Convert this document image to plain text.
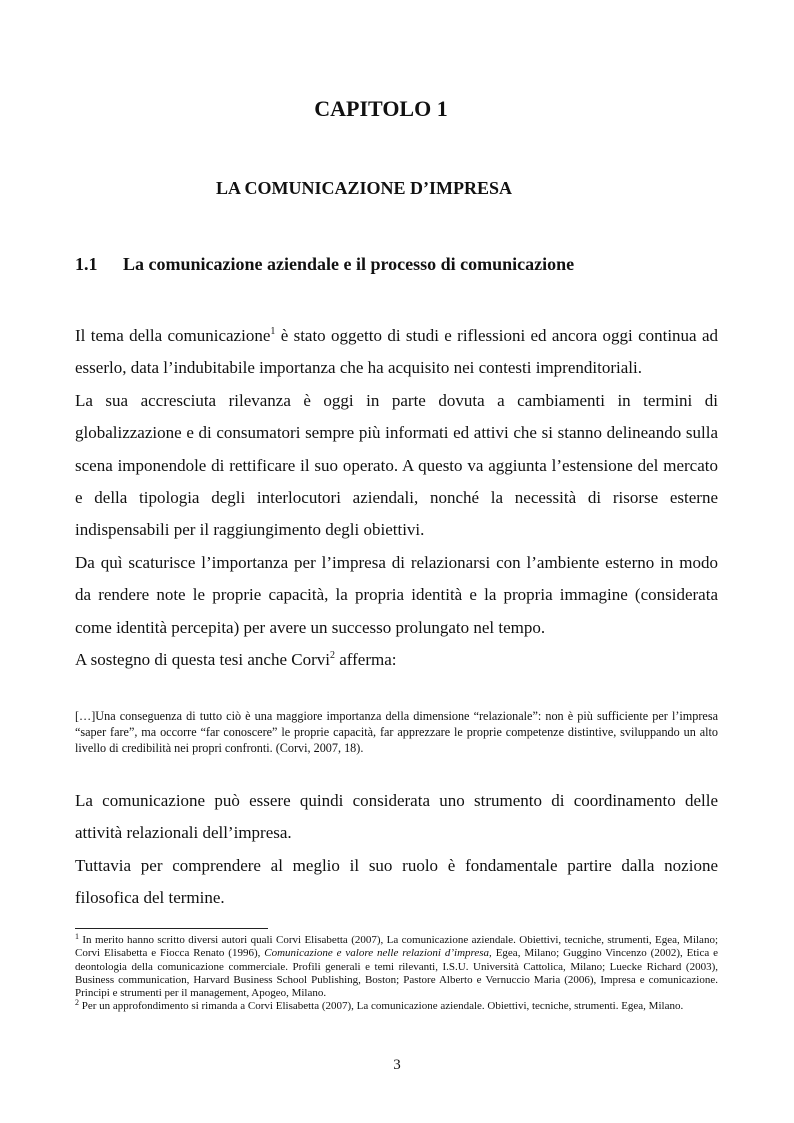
CAPITOLO 1
LA COMUNICAZIONE D’IMPRESA
1.1 La comunicazione aziendale e il processo di comunicazione

Il tema della comunicazione$^1$ è stato oggetto di studi e riflessioni ed ancora oggi continua ad esserlo, data l’indubitabile importanza che ha acquisito nei contesti imprenditoriali.

La sua accresciuta rilevanza è oggi in parte dovuta a cambiamenti in termini di globalizzazione e di consumatori sempre più informati ed attivi che si stanno delineando sulla scena imponendole di rettificare il suo operato. A questo va aggiunta l’estensione del mercato e della tipologia degli interlocutori aziendali, nonché la necessità di risorse esterne indispensabili per il raggiungimento degli obiettivi.

Da quì scaturisce l’importanza per l’impresa di relazionarsi con l’ambiente esterno in modo da rendere note le proprie capacità, la propria identità e la propria immagine (considerata come identità percepita) per avere un successo prolungato nel tempo.

A sostegno di questa tesi anche Corvi$^2$ afferma:

[…]Una conseguenza di tutto ciò è una maggiore importanza della dimensione “relazionale”: non è più sufficiente per l’impresa “saper fare”, ma occorre “far conoscere” le proprie capacità, far apprezzare le proprie competenze distintive, sviluppando un alto livello di credibilità nei propri confronti. (Corvi, 2007, 18).

La comunicazione può essere quindi considerata uno strumento di coordinamento delle attività relazionali dell’impresa.

Tuttavia per comprendere al meglio il suo ruolo è fondamentale partire dalla nozione filosofica del termine.

$^1$ In merito hanno scritto diversi autori quali Corvi Elisabetta (2007), La comunicazione aziendale. Obiettivi, tecniche, strumenti, Egea, Milano; Corvi Elisabetta e Fiocca Renato (1996), Comunicazione e valore nelle relazioni d’impresa, Egea, Milano; Guggino Vincenzo (2002), Etica e deontologia della comunicazione commerciale. Profili generali e temi rilevanti, I.S.U. Università Cattolica, Milano; Luecke Richard (2003), Business communication, Harvard Business School Publishing, Boston; Pastore Alberto e Vernuccio Maria (2006), Impresa e comunicazione. Principi e strumenti per il management, Apogeo, Milano.

$^2$ Per un approfondimento si rimanda a Corvi Elisabetta (2007), La comunicazione aziendale. Obiettivi, tecniche, strumenti. Egea, Milano.

3
